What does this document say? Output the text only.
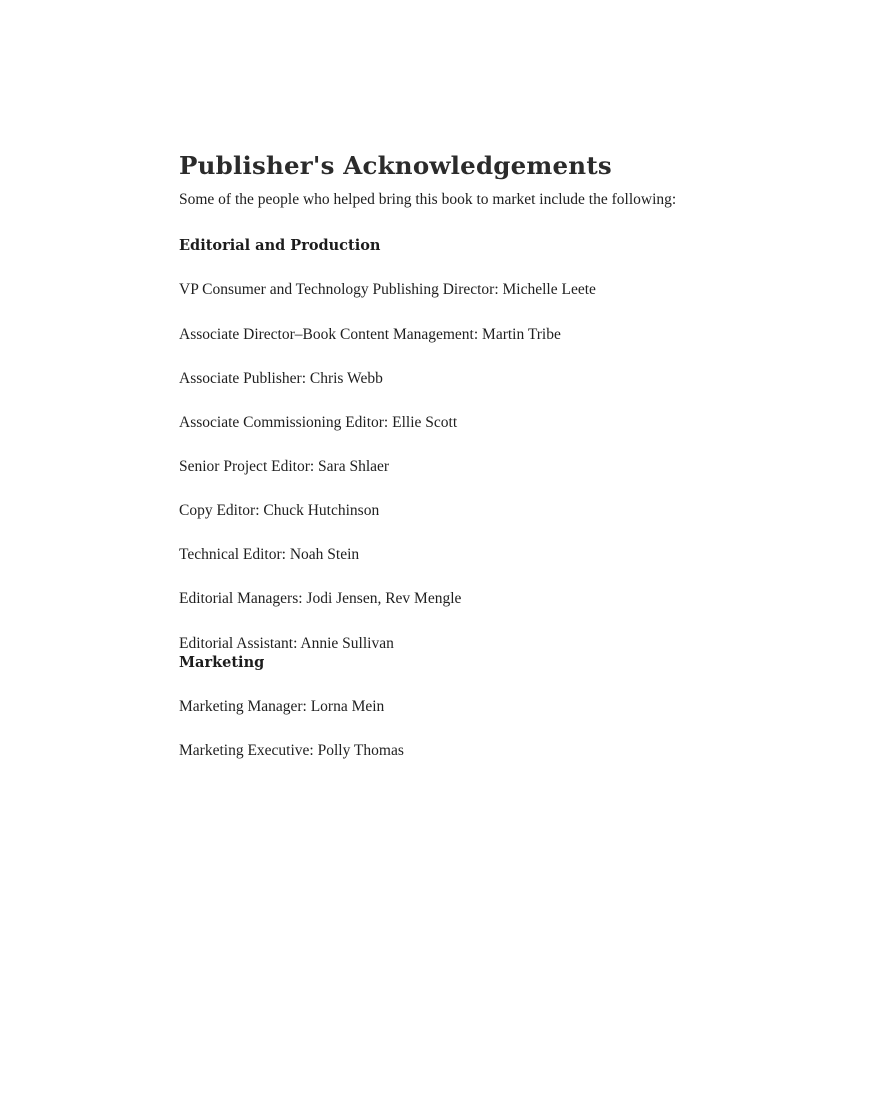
Publisher's Acknowledgements

Some of the people who helped bring this book to market include the following:

Editorial and Production

VP Consumer and Technology Publishing Director: Michelle Leete

Associate Director–Book Content Management: Martin Tribe

Associate Publisher: Chris Webb

Associate Commissioning Editor: Ellie Scott

Senior Project Editor: Sara Shlaer

Copy Editor: Chuck Hutchinson

Technical Editor: Noah Stein

Editorial Managers: Jodi Jensen, Rev Mengle

Editorial Assistant: Annie Sullivan

Marketing

Marketing Manager: Lorna Mein

Marketing Executive: Polly Thomas
